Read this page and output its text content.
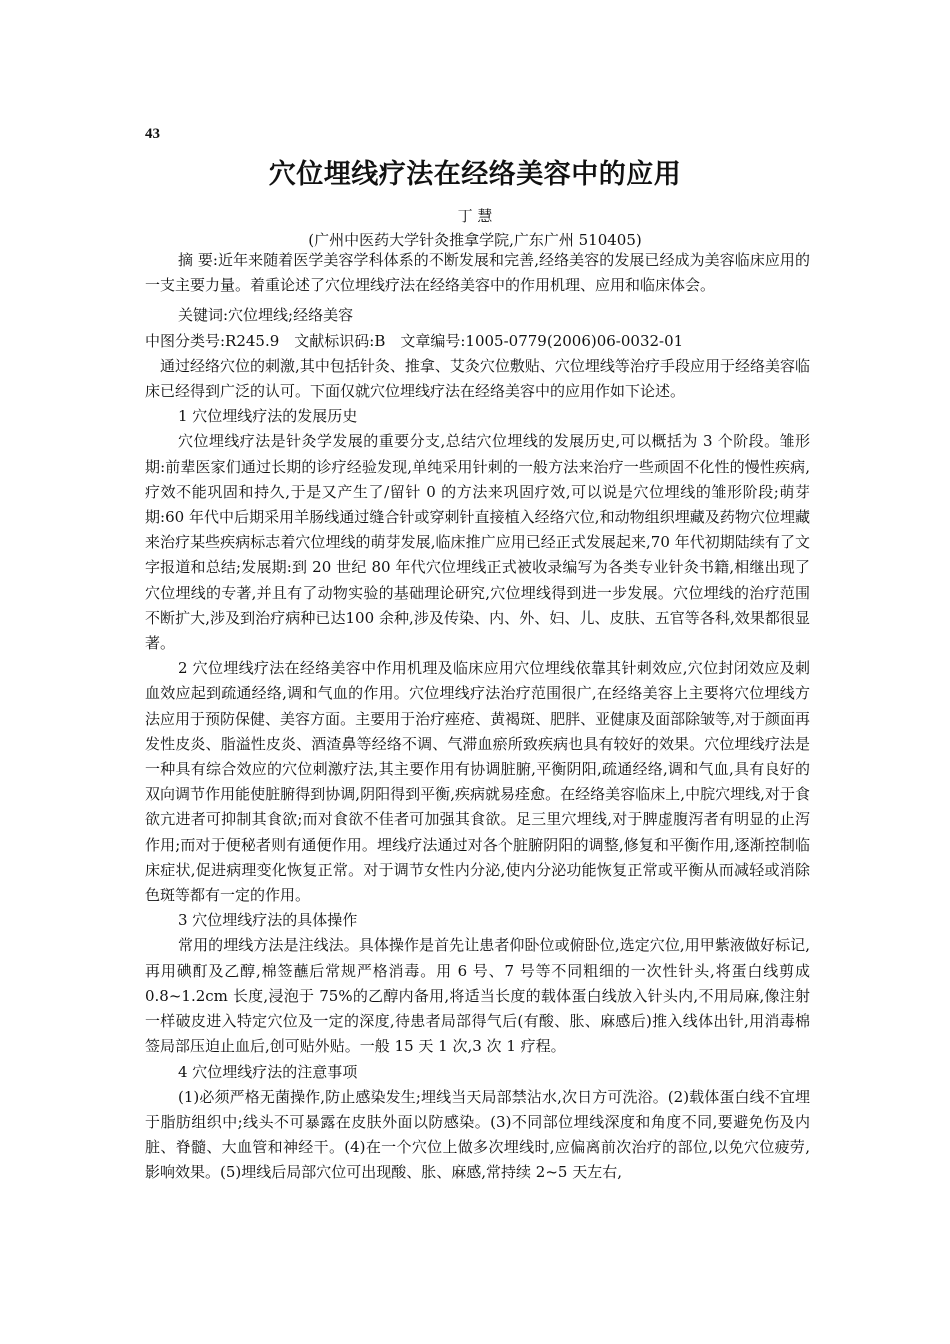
43
穴位埋线疗法在经络美容中的应用
丁 慧
(广州中医药大学针灸推拿学院,广东广州 510405)

摘 要:近年来随着医学美容学科体系的不断发展和完善,经络美容的发展已经成为美容临床应用的一支主要力量。着重论述了穴位埋线疗法在经络美容中的作用机理、应用和临床体会。

关键词:穴位埋线;经络美容

中图分类号:R245.9　文献标识码:B　文章编号:1005-0779(2006)06-0032-01

通过经络穴位的刺激,其中包括针灸、推拿、艾灸穴位敷贴、穴位埋线等治疗手段应用于经络美容临床已经得到广泛的认可。下面仅就穴位埋线疗法在经络美容中的应用作如下论述。

1 穴位埋线疗法的发展历史

穴位埋线疗法是针灸学发展的重要分支,总结穴位埋线的发展历史,可以概括为 3 个阶段。雏形期:前辈医家们通过长期的诊疗经验发现,单纯采用针刺的一般方法来治疗一些顽固不化性的慢性疾病,疗效不能巩固和持久,于是又产生了/留针 0 的方法来巩固疗效,可以说是穴位埋线的雏形阶段;萌芽期:60 年代中后期采用羊肠线通过缝合针或穿刺针直接植入经络穴位,和动物组织埋藏及药物穴位埋藏来治疗某些疾病标志着穴位埋线的萌芽发展,临床推广应用已经正式发展起来,70 年代初期陆续有了文字报道和总结;发展期:到 20 世纪 80 年代穴位埋线正式被收录编写为各类专业针灸书籍,相继出现了穴位埋线的专著,并且有了动物实验的基础理论研究,穴位埋线得到进一步发展。穴位埋线的治疗范围不断扩大,涉及到治疗病种已达100 余种,涉及传染、内、外、妇、儿、皮肤、五官等各科,效果都很显著。

2 穴位埋线疗法在经络美容中作用机理及临床应用穴位埋线依靠其针刺效应,穴位封闭效应及刺血效应起到疏通经络,调和气血的作用。穴位埋线疗法治疗范围很广,在经络美容上主要将穴位埋线方法应用于预防保健、美容方面。主要用于治疗痤疮、黄褐斑、肥胖、亚健康及面部除皱等,对于颜面再发性皮炎、脂溢性皮炎、酒渣鼻等经络不调、气滞血瘀所致疾病也具有较好的效果。穴位埋线疗法是一种具有综合效应的穴位刺激疗法,其主要作用有协调脏腑,平衡阴阳,疏通经络,调和气血,具有良好的双向调节作用能使脏腑得到协调,阴阳得到平衡,疾病就易痊愈。在经络美容临床上,中脘穴埋线,对于食欲亢进者可抑制其食欲;而对食欲不佳者可加强其食欲。足三里穴埋线,对于脾虚腹泻者有明显的止泻作用;而对于便秘者则有通便作用。埋线疗法通过对各个脏腑阴阳的调整,修复和平衡作用,逐渐控制临床症状,促进病理变化恢复正常。对于调节女性内分泌,使内分泌功能恢复正常或平衡从而减轻或消除色斑等都有一定的作用。

3 穴位埋线疗法的具体操作

常用的埋线方法是注线法。具体操作是首先让患者仰卧位或俯卧位,选定穴位,用甲紫液做好标记,再用碘酊及乙醇,棉签蘸后常规严格消毒。用 6 号、7 号等不同粗细的一次性针头,将蛋白线剪成 0.8~1.2cm 长度,浸泡于 75%的乙醇内备用,将适当长度的载体蛋白线放入针头内,不用局麻,像注射一样破皮进入特定穴位及一定的深度,待患者局部得气后(有酸、胀、麻感后)推入线体出针,用消毒棉签局部压迫止血后,创可贴外贴。一般 15 天 1 次,3 次 1 疗程。

4 穴位埋线疗法的注意事项

(1)必须严格无菌操作,防止感染发生;埋线当天局部禁沾水,次日方可洗浴。(2)载体蛋白线不宜埋于脂肪组织中;线头不可暴露在皮肤外面以防感染。(3)不同部位埋线深度和角度不同,要避免伤及内脏、脊髓、大血管和神经干。(4)在一个穴位上做多次埋线时,应偏离前次治疗的部位,以免穴位疲劳,影响效果。(5)埋线后局部穴位可出现酸、胀、麻感,常持续 2~5 天左右,
